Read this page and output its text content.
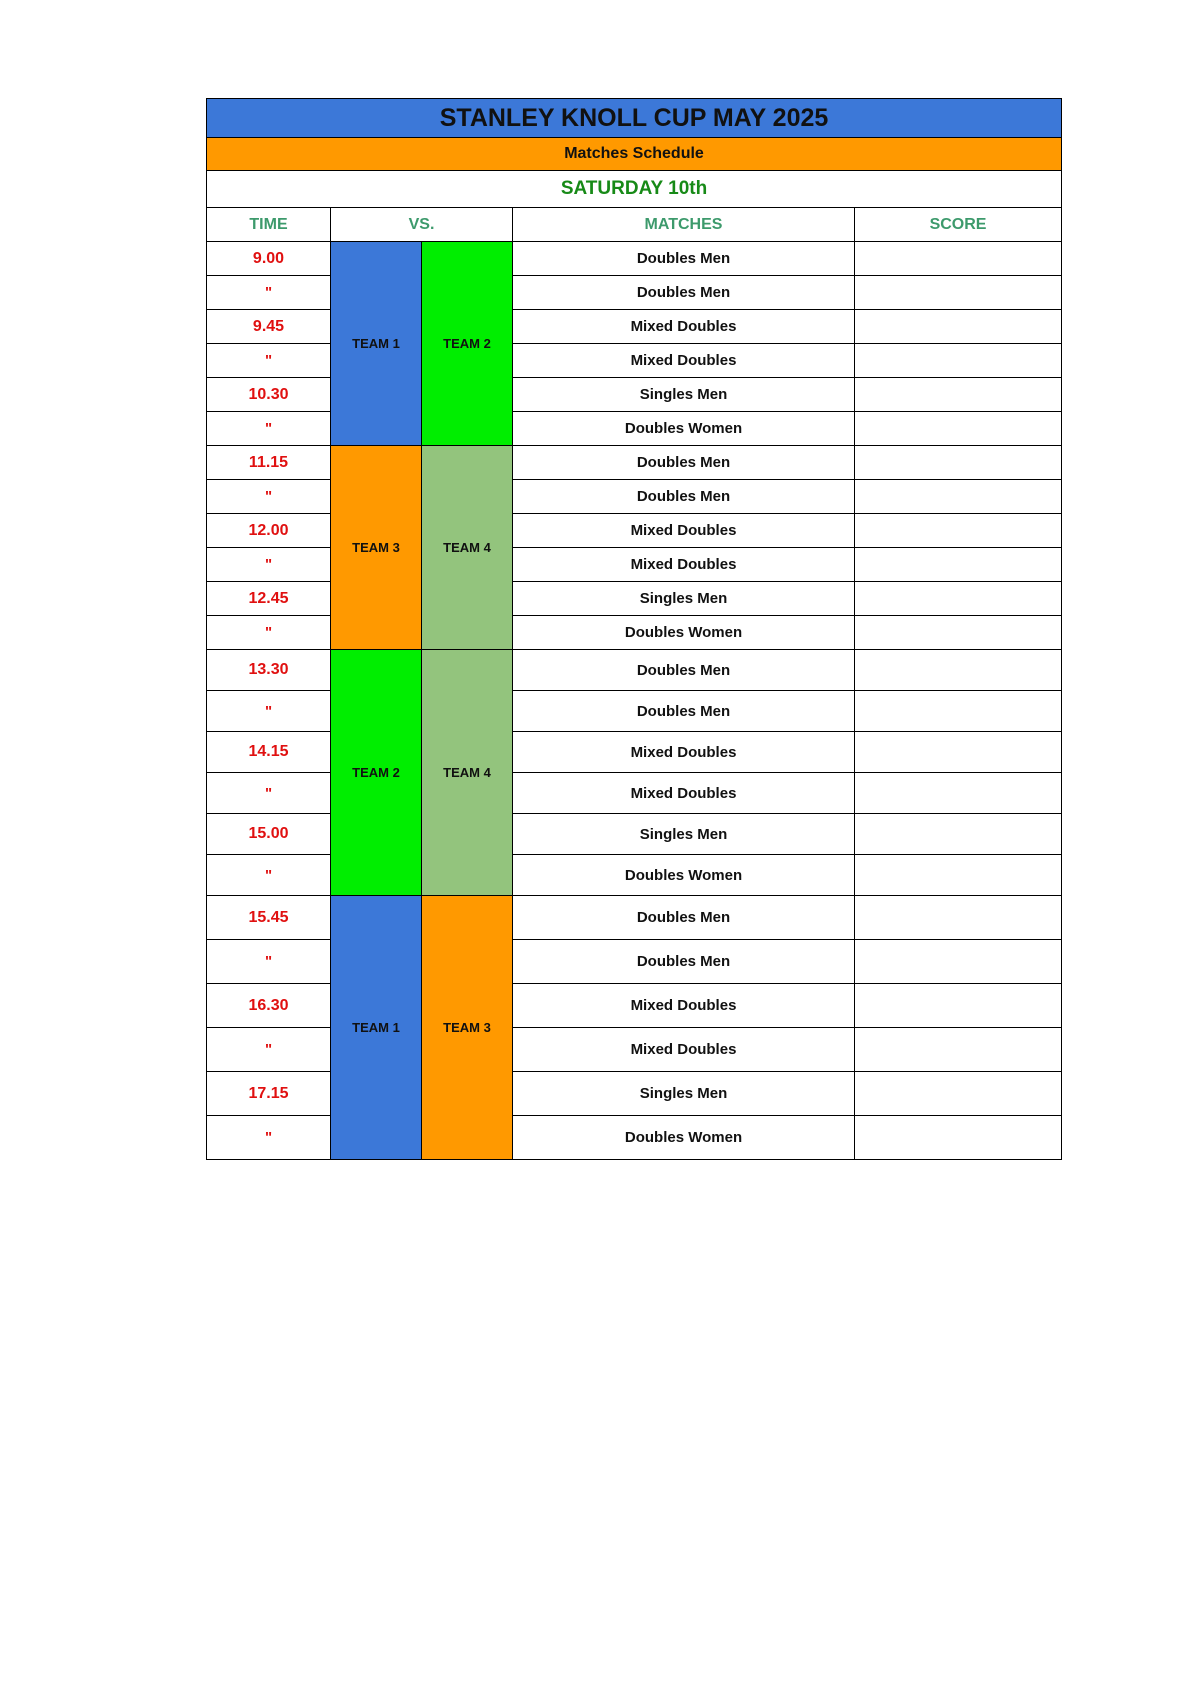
STANLEY KNOLL CUP MAY 2025				
Matches Schedule				
SATURDAY 10th				
TIME	VS.		MATCHES	SCORE
9.00	TEAM 1	TEAM 2	Doubles Men	
"			Doubles Men	
9.45			Mixed Doubles	
"			Mixed Doubles	
10.30			Singles Men	
"			Doubles Women	
11.15	TEAM 3	TEAM 4	Doubles Men	
"			Doubles Men	
12.00			Mixed Doubles	
"			Mixed Doubles	
12.45			Singles Men	
"			Doubles Women	
13.30	TEAM 2	TEAM 4	Doubles Men	
"			Doubles Men	
14.15			Mixed Doubles	
"			Mixed Doubles	
15.00			Singles Men	
"			Doubles Women	
15.45	TEAM 1	TEAM 3	Doubles Men	
"			Doubles Men	
16.30			Mixed Doubles	
"			Mixed Doubles	
17.15			Singles Men	
"			Doubles Women	
